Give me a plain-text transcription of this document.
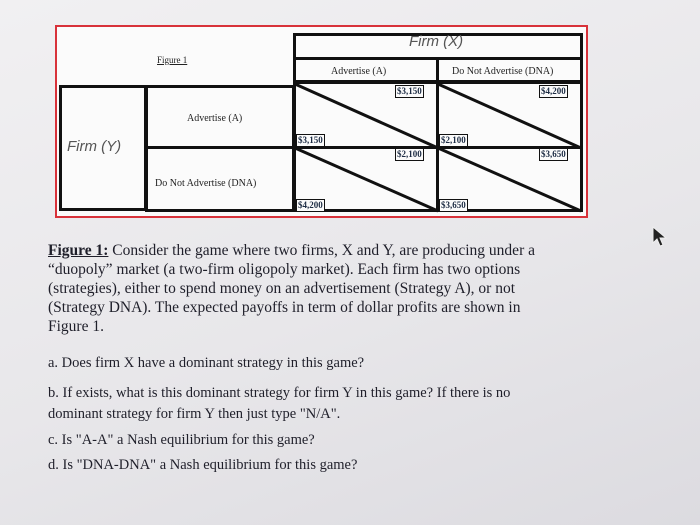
Firm (X)
Figure 1
Advertise (A)	Do Not Advertise (DNA)
Firm (Y)
Advertise (A)
Do Not Advertise (DNA)
$3,150
$3,150
$4,200
$2,100
$2,100
$4,200
$3,650
$3,650

Figure 1: Consider the game where two firms, X and Y, are producing under a

“duopoly” market (a two-firm oligopoly market). Each firm has two options

(strategies), either to spend money on an advertisement (Strategy A), or not

(Strategy DNA). The expected payoffs in term of dollar profits are shown in

Figure 1.

a. Does firm X have a dominant strategy in this game?
b. If exists, what is this dominant strategy for firm Y in this game? If there is no
dominant strategy for firm Y then just type "N/A".
c. Is "A-A" a Nash equilibrium for this game?
d. Is "DNA-DNA" a Nash equilibrium for this game?
